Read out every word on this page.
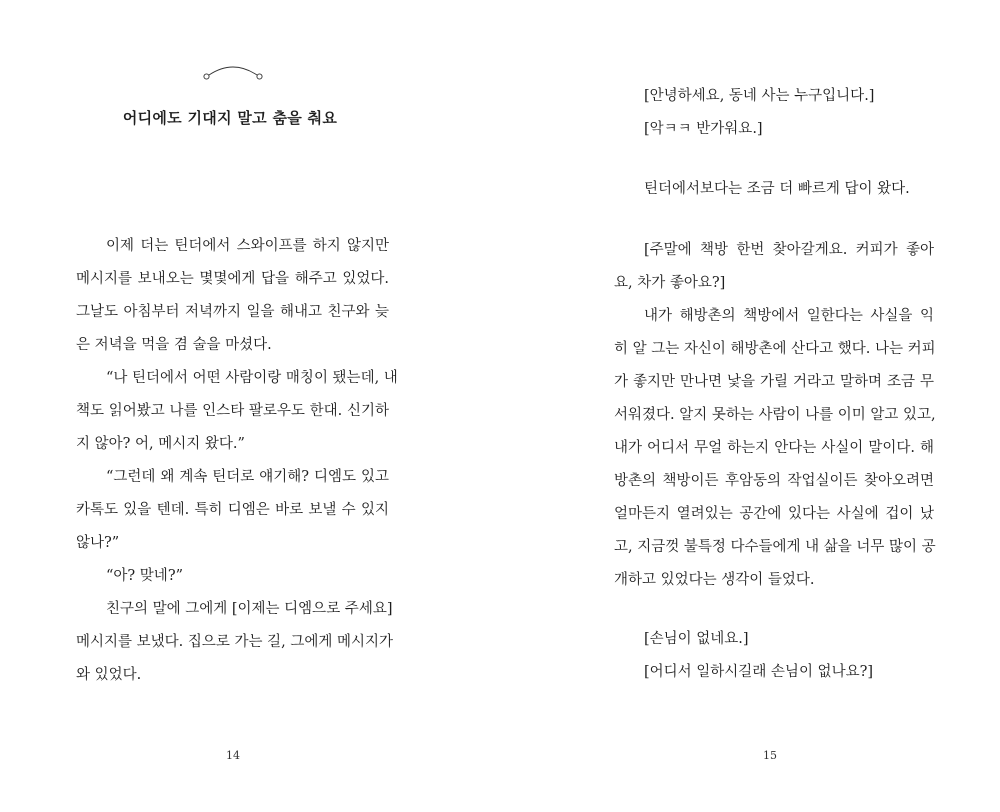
어디에도 기대지 말고 춤을 춰요
이제 더는 틴더에서 스와이프를 하지 않지만
메시지를 보내오는 몇몇에게 답을 해주고 있었다.
그날도 아침부터 저녁까지 일을 해내고 친구와 늦
은 저녁을 먹을 겸 술을 마셨다.
“나 틴더에서 어떤 사람이랑 매칭이 됐는데, 내
책도 읽어봤고 나를 인스타 팔로우도 한대. 신기하
지 않아? 어, 메시지 왔다.”
“그런데 왜 계속 틴더로 얘기해? 디엠도 있고
카톡도 있을 텐데. 특히 디엠은 바로 보낼 수 있지
않나?”
“아? 맞네?”
친구의 말에 그에게 [이제는 디엠으로 주세요]
메시지를 보냈다. 집으로 가는 길, 그에게 메시지가
와 있었다.
14
[안녕하세요, 동네 사는 누구입니다.]
[악ㅋㅋ 반가워요.]
틴더에서보다는 조금 더 빠르게 답이 왔다.
[주말에 책방 한번 찾아갈게요. 커피가 좋아
요, 차가 좋아요?]
내가 해방촌의 책방에서 일한다는 사실을 익
히 알 그는 자신이 해방촌에 산다고 했다. 나는 커피
가 좋지만 만나면 낯을 가릴 거라고 말하며 조금 무
서워졌다. 알지 못하는 사람이 나를 이미 알고 있고,
내가 어디서 무얼 하는지 안다는 사실이 말이다. 해
방촌의 책방이든 후암동의 작업실이든 찾아오려면
얼마든지 열려있는 공간에 있다는 사실에 겁이 났
고, 지금껏 불특정 다수들에게 내 삶을 너무 많이 공
개하고 있었다는 생각이 들었다.
[손님이 없네요.]
[어디서 일하시길래 손님이 없나요?]
15
